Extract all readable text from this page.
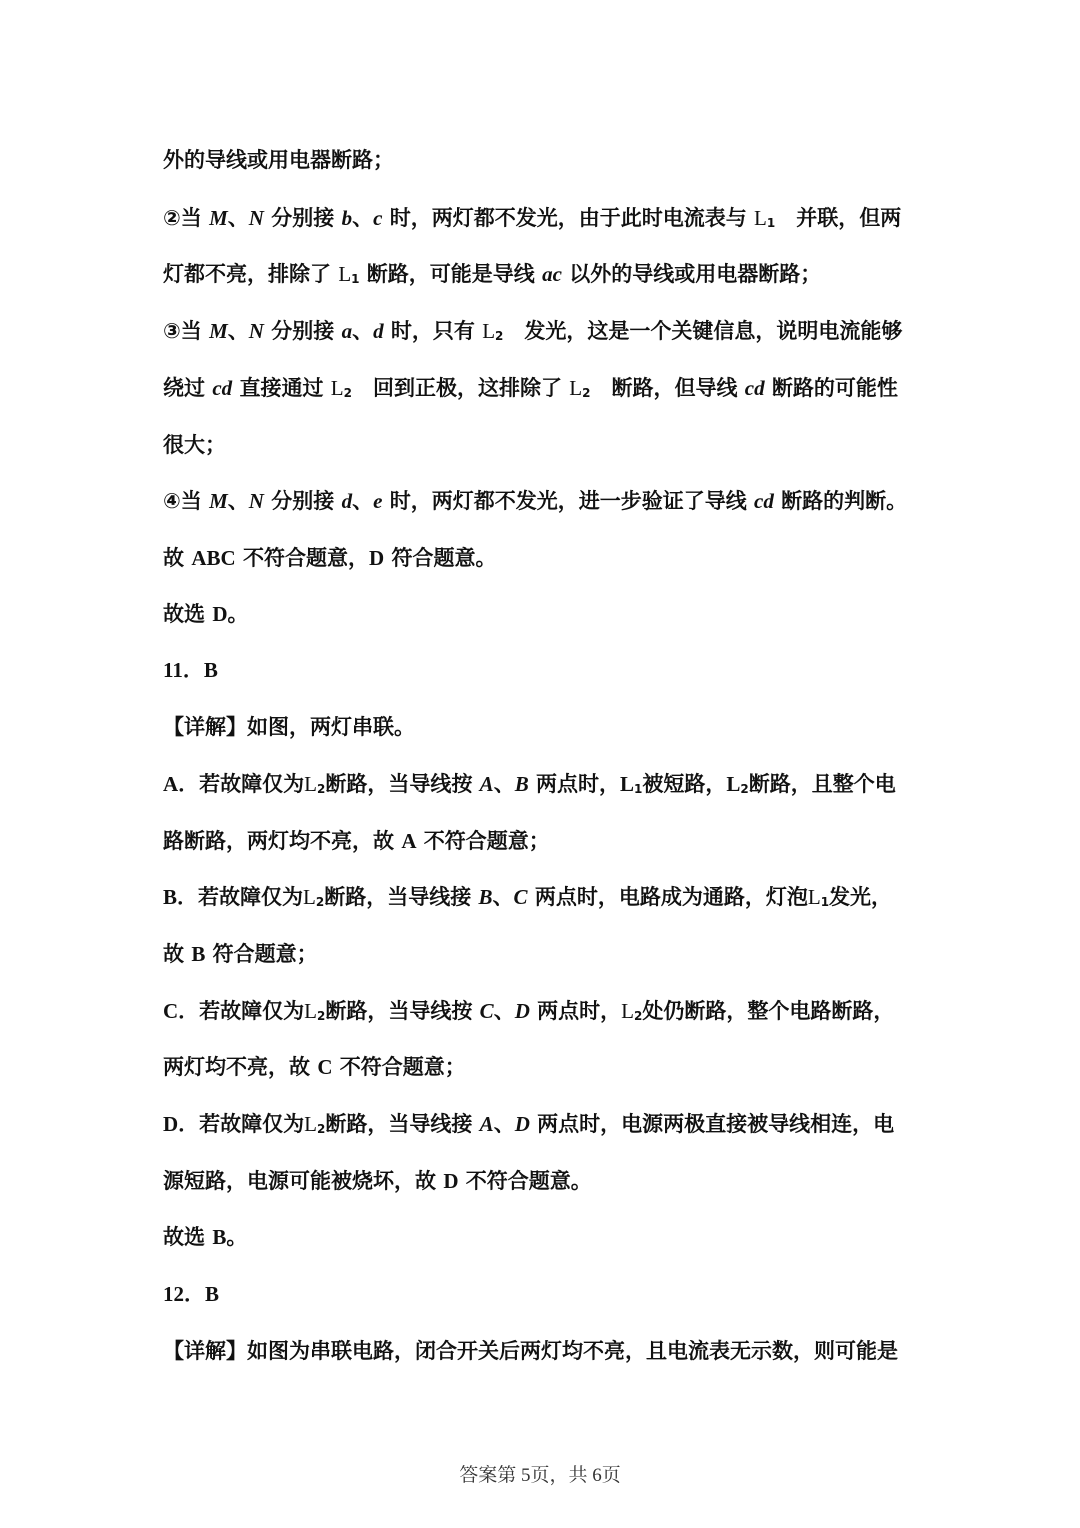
外的导线或用电器断路；
②当 M、N 分别接 b、c 时，两灯都不发光，由于此时电流表与 $L_1$　并联，但两
灯都不亮，排除了 $L_1$ 断路，可能是导线 ac 以外的导线或用电器断路；
③当 M、N 分别接 a、d 时，只有 $L_2$　发光，这是一个关键信息，说明电流能够
绕过 cd 直接通过 $L_2$　回到正极，这排除了 $L_2$　断路，但导线 cd 断路的可能性
很大；
④当 M、N 分别接 d、e 时，两灯都不发光，进一步验证了导线 cd 断路的判断。
故 ABC 不符合题意，D 符合题意。
故选 D。
11．B
【详解】如图，两灯串联。
A．若故障仅为$L_2$断路，当导线按 A、B 两点时，$L_1$被短路，$L_2$断路，且整个电
路断路，两灯均不亮，故 A 不符合题意；
B．若故障仅为$L_2$断路，当导线接 B、C 两点时，电路成为通路，灯泡$L_1$发光，
故 B 符合题意；
C．若故障仅为$L_2$断路，当导线按 C、D 两点时，$L_2$处仍断路，整个电路断路，
两灯均不亮，故 C 不符合题意；
D．若故障仅为$L_2$断路，当导线接 A、D 两点时，电源两极直接被导线相连，电
源短路，电源可能被烧坏，故 D 不符合题意。
故选 B。
12．B
【详解】如图为串联电路，闭合开关后两灯均不亮，且电流表无示数，则可能是
答案第 5页，共 6页
